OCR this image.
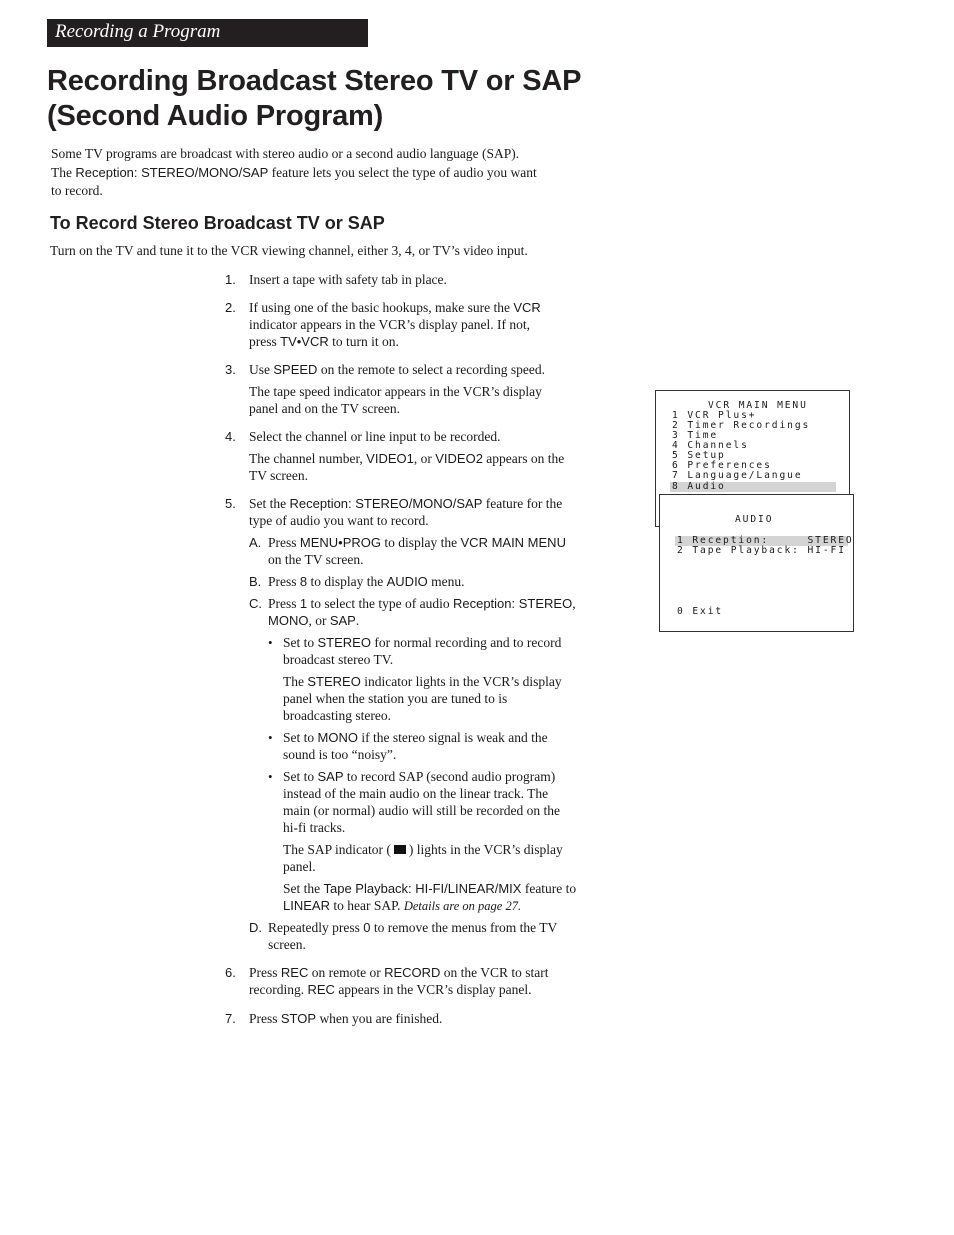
Recording a Program
Recording Broadcast Stereo TV or SAP
(Second Audio Program)
Some TV programs are broadcast with stereo audio or a second audio language (SAP).
The Reception: STEREO/MONO/SAP feature lets you select the type of audio you want
to record.
To Record Stereo Broadcast TV or SAP
Turn on the TV and tune it to the VCR viewing channel, either 3, 4, or TV’s video input.
1. Insert a tape with safety tab in place.
2. If using one of the basic hookups, make sure the VCR
indicator appears in the VCR’s display panel. If not,
press TV•VCR to turn it on.
3. Use SPEED on the remote to select a recording speed.
The tape speed indicator appears in the VCR’s display
panel and on the TV screen.
4. Select the channel or line input to be recorded.
The channel number, VIDEO1, or VIDEO2 appears on the
TV screen.
5. Set the Reception: STEREO/MONO/SAP feature for the
type of audio you want to record.
A. Press MENU•PROG to display the VCR MAIN MENU
on the TV screen.
B. Press 8 to display the AUDIO menu.
C. Press 1 to select the type of audio Reception: STEREO,
MONO, or SAP.
• Set to STEREO for normal recording and to record
broadcast stereo TV.
The STEREO indicator lights in the VCR’s display
panel when the station you are tuned to is
broadcasting stereo.
• Set to MONO if the stereo signal is weak and the
sound is too “noisy”.
• Set to SAP to record SAP (second audio program)
instead of the main audio on the linear track. The
main (or normal) audio will still be recorded on the
hi-fi tracks.
The SAP indicator ( ) lights in the VCR’s display
panel.
Set the Tape Playback: HI-FI/LINEAR/MIX feature to
LINEAR to hear SAP. Details are on page 27.
D. Repeatedly press 0 to remove the menus from the TV
screen.
6. Press REC on remote or RECORD on the VCR to start
recording. REC appears in the VCR’s display panel.
7. Press STOP when you are finished.
VCR MAIN MENU
1 VCR Plus+
2 Timer Recordings
3 Time
4 Channels
5 Setup
6 Preferences
7 Language/Langue
8 Audio
AUDIO
1 Reception:     STEREO
2 Tape Playback: HI-FI
0 Exit
